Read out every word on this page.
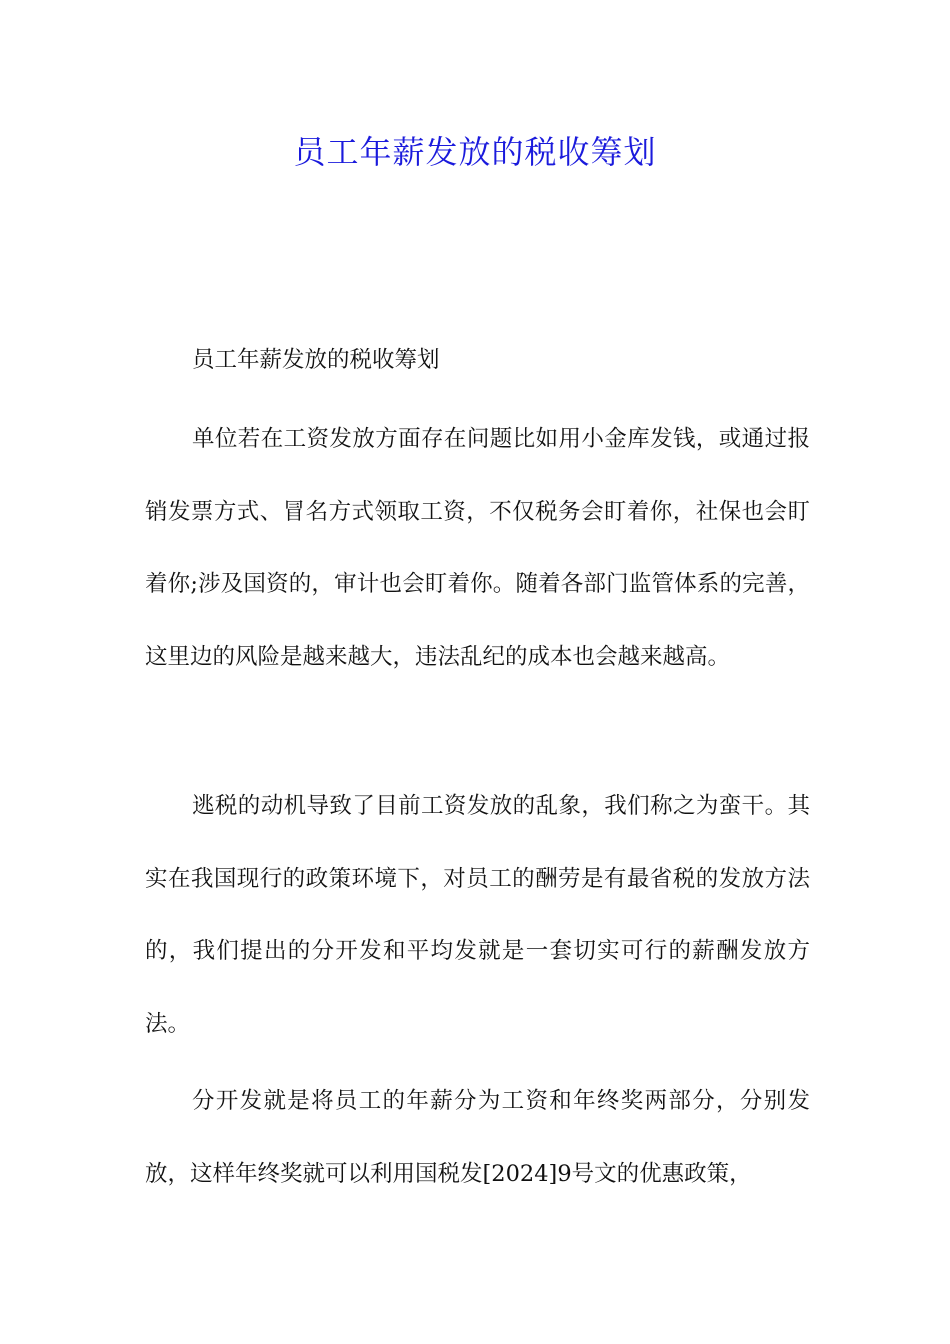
员工年薪发放的税收筹划
员工年薪发放的税收筹划

单位若在工资发放方面存在问题比如用小金库发钱，或通过报销发票方式、冒名方式领取工资，不仅税务会盯着你，社保也会盯着你;涉及国资的，审计也会盯着你。随着各部门监管体系的完善，这里边的风险是越来越大，违法乱纪的成本也会越来越高。

逃税的动机导致了目前工资发放的乱象，我们称之为蛮干。其实在我国现行的政策环境下，对员工的酬劳是有最省税的发放方法的，我们提出的分开发和平均发就是一套切实可行的薪酬发放方法。

分开发就是将员工的年薪分为工资和年终奖两部分，分别发放，这样年终奖就可以利用国税发[2024]9号文的优惠政策，
